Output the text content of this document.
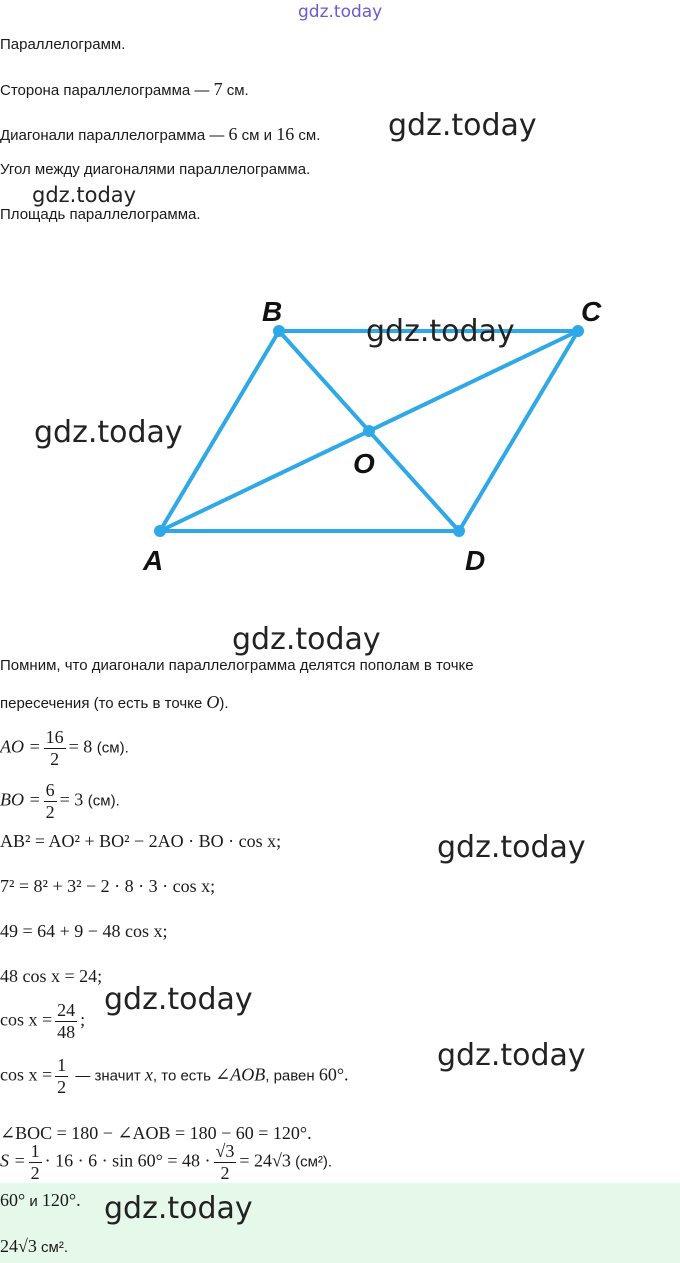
gdz.today
Параллелограмм.
Сторона параллелограмма — 7 см.
Диагонали параллелограмма — 6 см и 16 см. gdz.today
Угол между диагоналями параллелограмма.
gdz.today
Площадь параллелограмма.
B	C
O
A	D
gdz.today
gdz.today
gdz.today
Помним, что диагонали параллелограмма делятся пополам в точке
пересечения (то есть в точке O).
AO = $\frac{16}{2} = 8$ (см).
BO = $\frac{6}{2} = 3$ (см).
AB² = AO² + BO² − 2AO · BO · cos x;	gdz.today
7² = 8² + 3² − 2 · 8 · 3 · cos x;
49 = 64 + 9 − 48 cos x;
48 cos x = 24;
gdz.today
$\cos x = \frac{24}{48}$ ;
$\cos x = \frac{1}{2}$ — значит x, то есть ∠AOB, равен 60°.
gdz.today
∠BOC = 180 − ∠AOB = 180 − 60 = 120°.
$S = \frac{1}{2} \cdot 16 \cdot 6 \cdot \sin 60^\circ = 48 \cdot \frac{√3}{2} = 24√3$ (см²).
60° и 120°. gdz.today
24√3 см².
